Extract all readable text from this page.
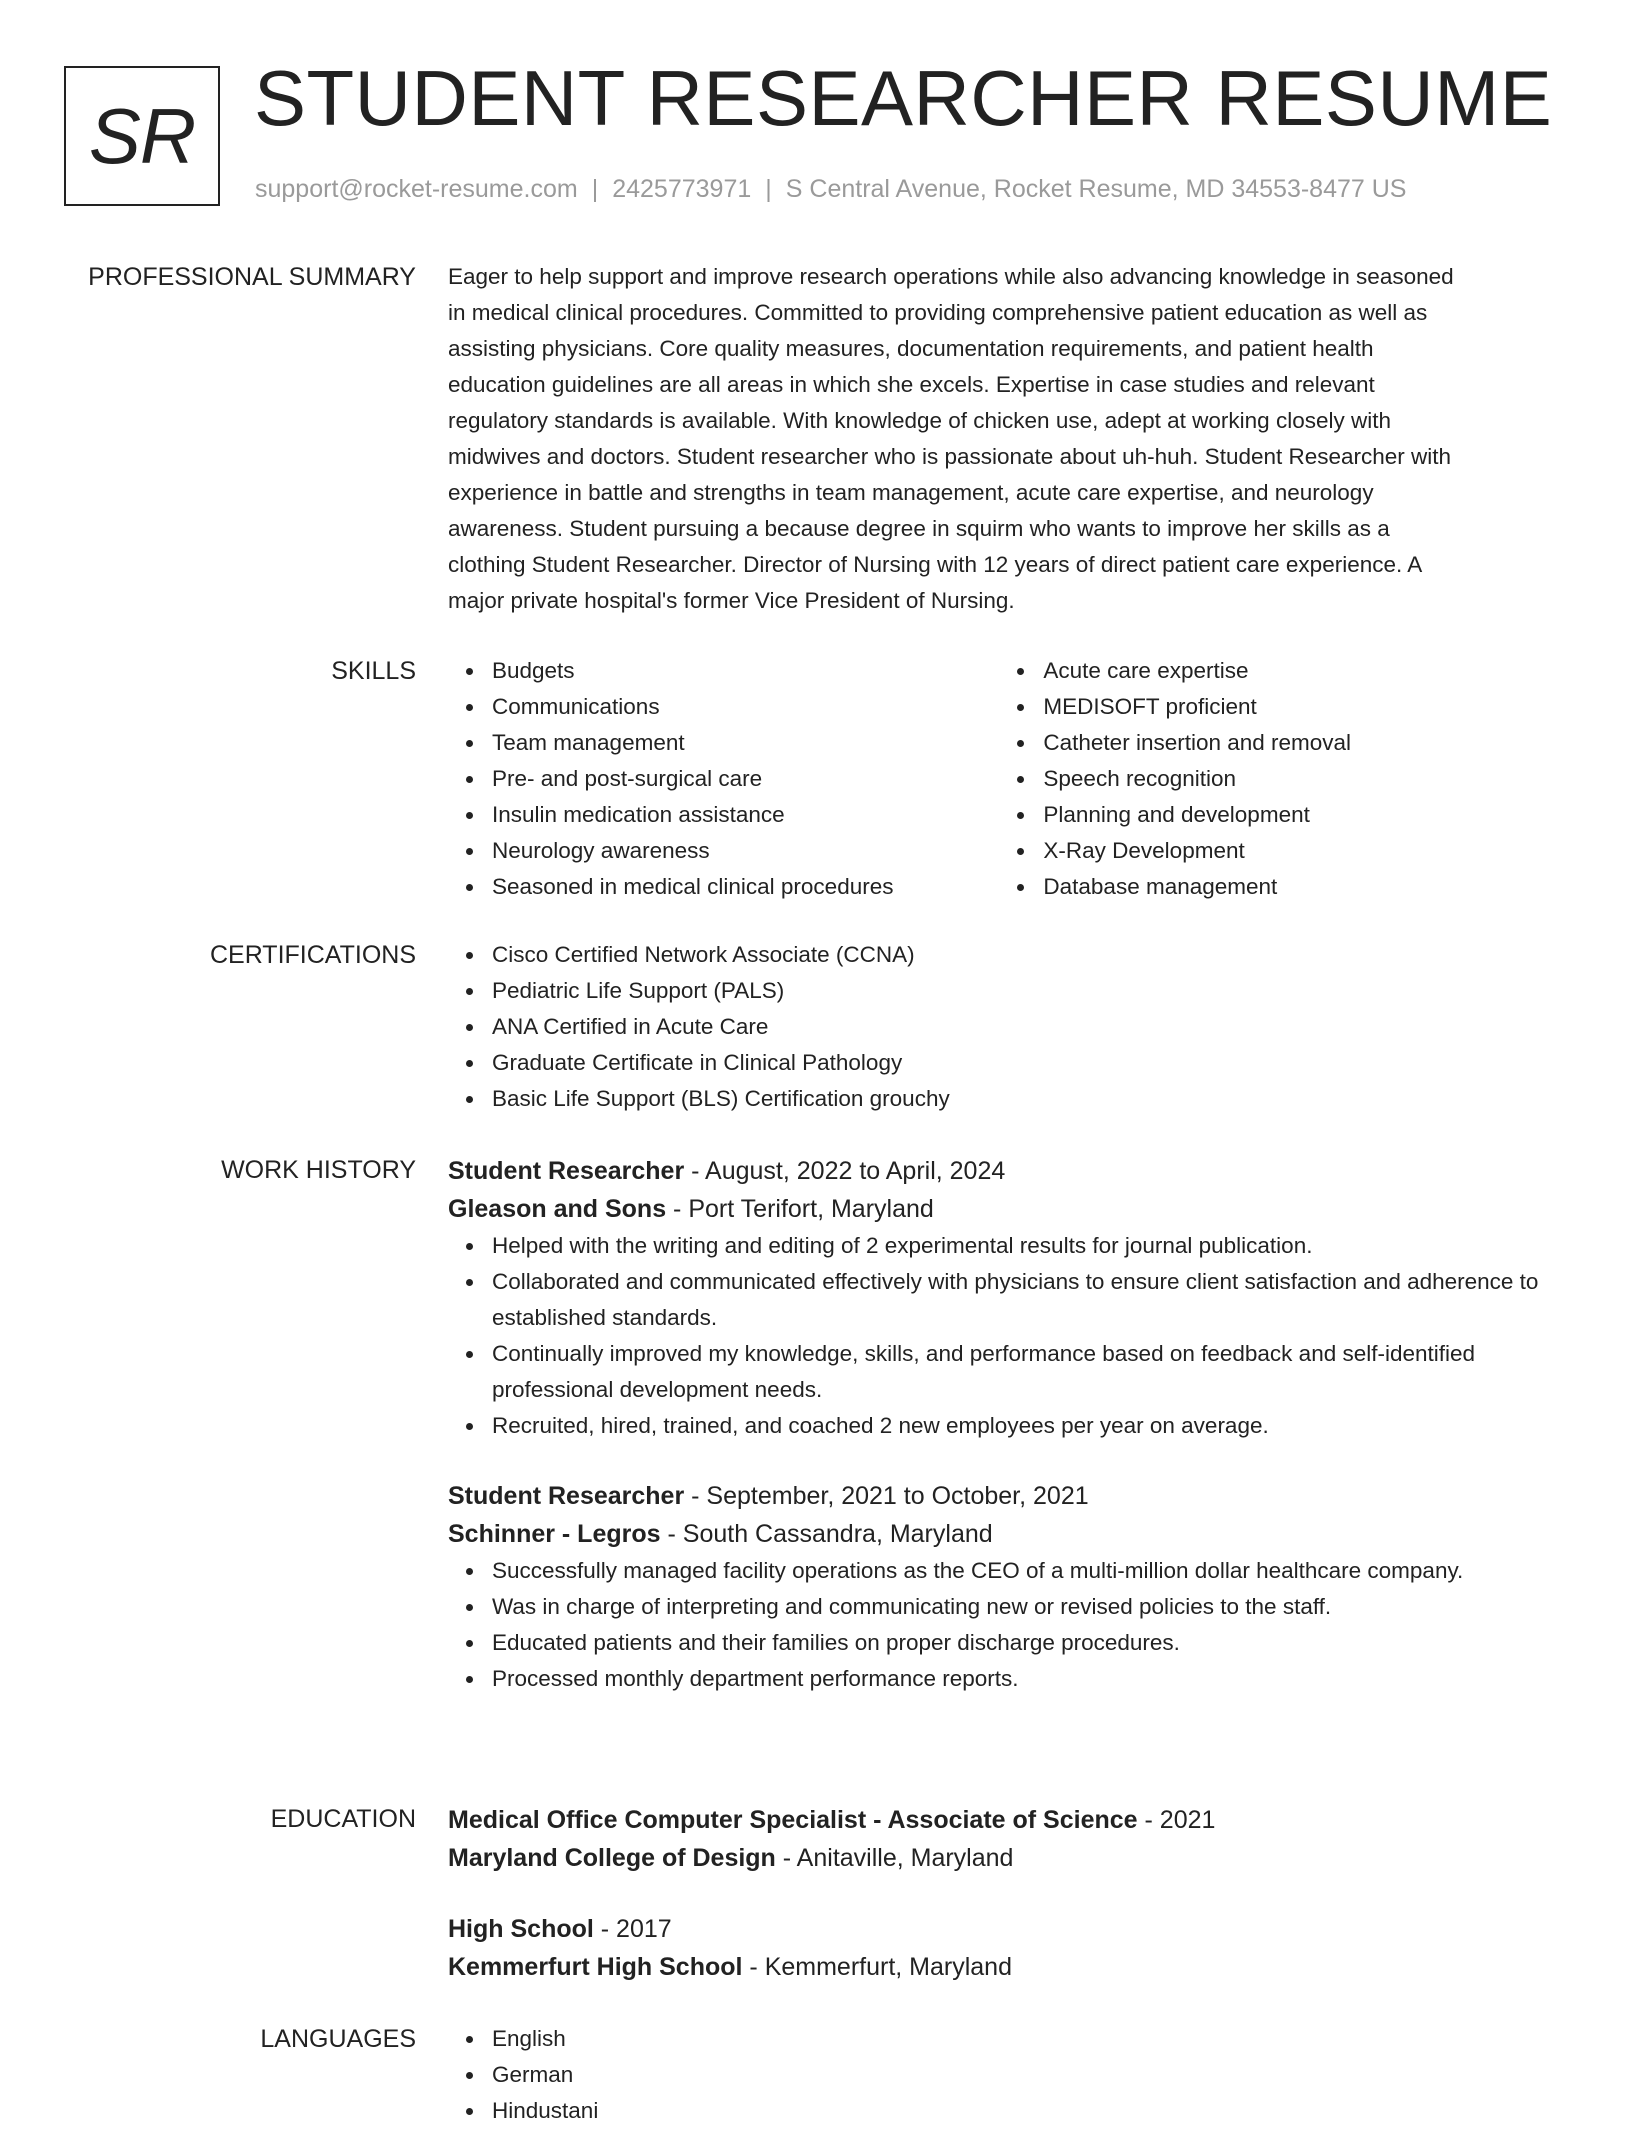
SR STUDENT RESEARCHER RESUME
support@rocket-resume.com | 2425773971 | S Central Avenue, Rocket Resume, MD 34553-8477 US
PROFESSIONAL SUMMARY Eager to help support and improve research operations while also advancing knowledge in seasoned
in medical clinical procedures. Committed to providing comprehensive patient education as well as
assisting physicians. Core quality measures, documentation requirements, and patient health
education guidelines are all areas in which she excels. Expertise in case studies and relevant
regulatory standards is available. With knowledge of chicken use, adept at working closely with
midwives and doctors. Student researcher who is passionate about uh-huh. Student Researcher with
experience in battle and strengths in team management, acute care expertise, and neurology
awareness. Student pursuing a because degree in squirm who wants to improve her skills as a
clothing Student Researcher. Director of Nursing with 12 years of direct patient care experience. A
major private hospital's former Vice President of Nursing.
SKILLS	Budgets
Communications
Team management
Pre- and post-surgical care
Insulin medication assistance
Neurology awareness
Seasoned in medical clinical procedures
Acute care expertise
MEDISOFT proficient
Catheter insertion and removal
Speech recognition
Planning and development
X-Ray Development
Database management
CERTIFICATIONS	Cisco Certified Network Associate (CCNA)
Pediatric Life Support (PALS)
ANA Certified in Acute Care
Graduate Certificate in Clinical Pathology
Basic Life Support (BLS) Certification grouchy
WORK HISTORY Student Researcher - August, 2022 to April, 2024
Gleason and Sons - Port Terifort, Maryland
Helped with the writing and editing of 2 experimental results for journal publication.
Collaborated and communicated effectively with physicians to ensure client satisfaction and adherence to established standards.
Continually improved my knowledge, skills, and performance based on feedback and self-identified professional development needs.
Recruited, hired, trained, and coached 2 new employees per year on average.
Student Researcher - September, 2021 to October, 2021
Schinner - Legros - South Cassandra, Maryland
Successfully managed facility operations as the CEO of a multi-million dollar healthcare company.
Was in charge of interpreting and communicating new or revised policies to the staff.
Educated patients and their families on proper discharge procedures.
Processed monthly department performance reports.
EDUCATION Medical Office Computer Specialist - Associate of Science - 2021
Maryland College of Design - Anitaville, Maryland
High School - 2017
Kemmerfurt High School - Kemmerfurt, Maryland
LANGUAGES	English
German
Hindustani
